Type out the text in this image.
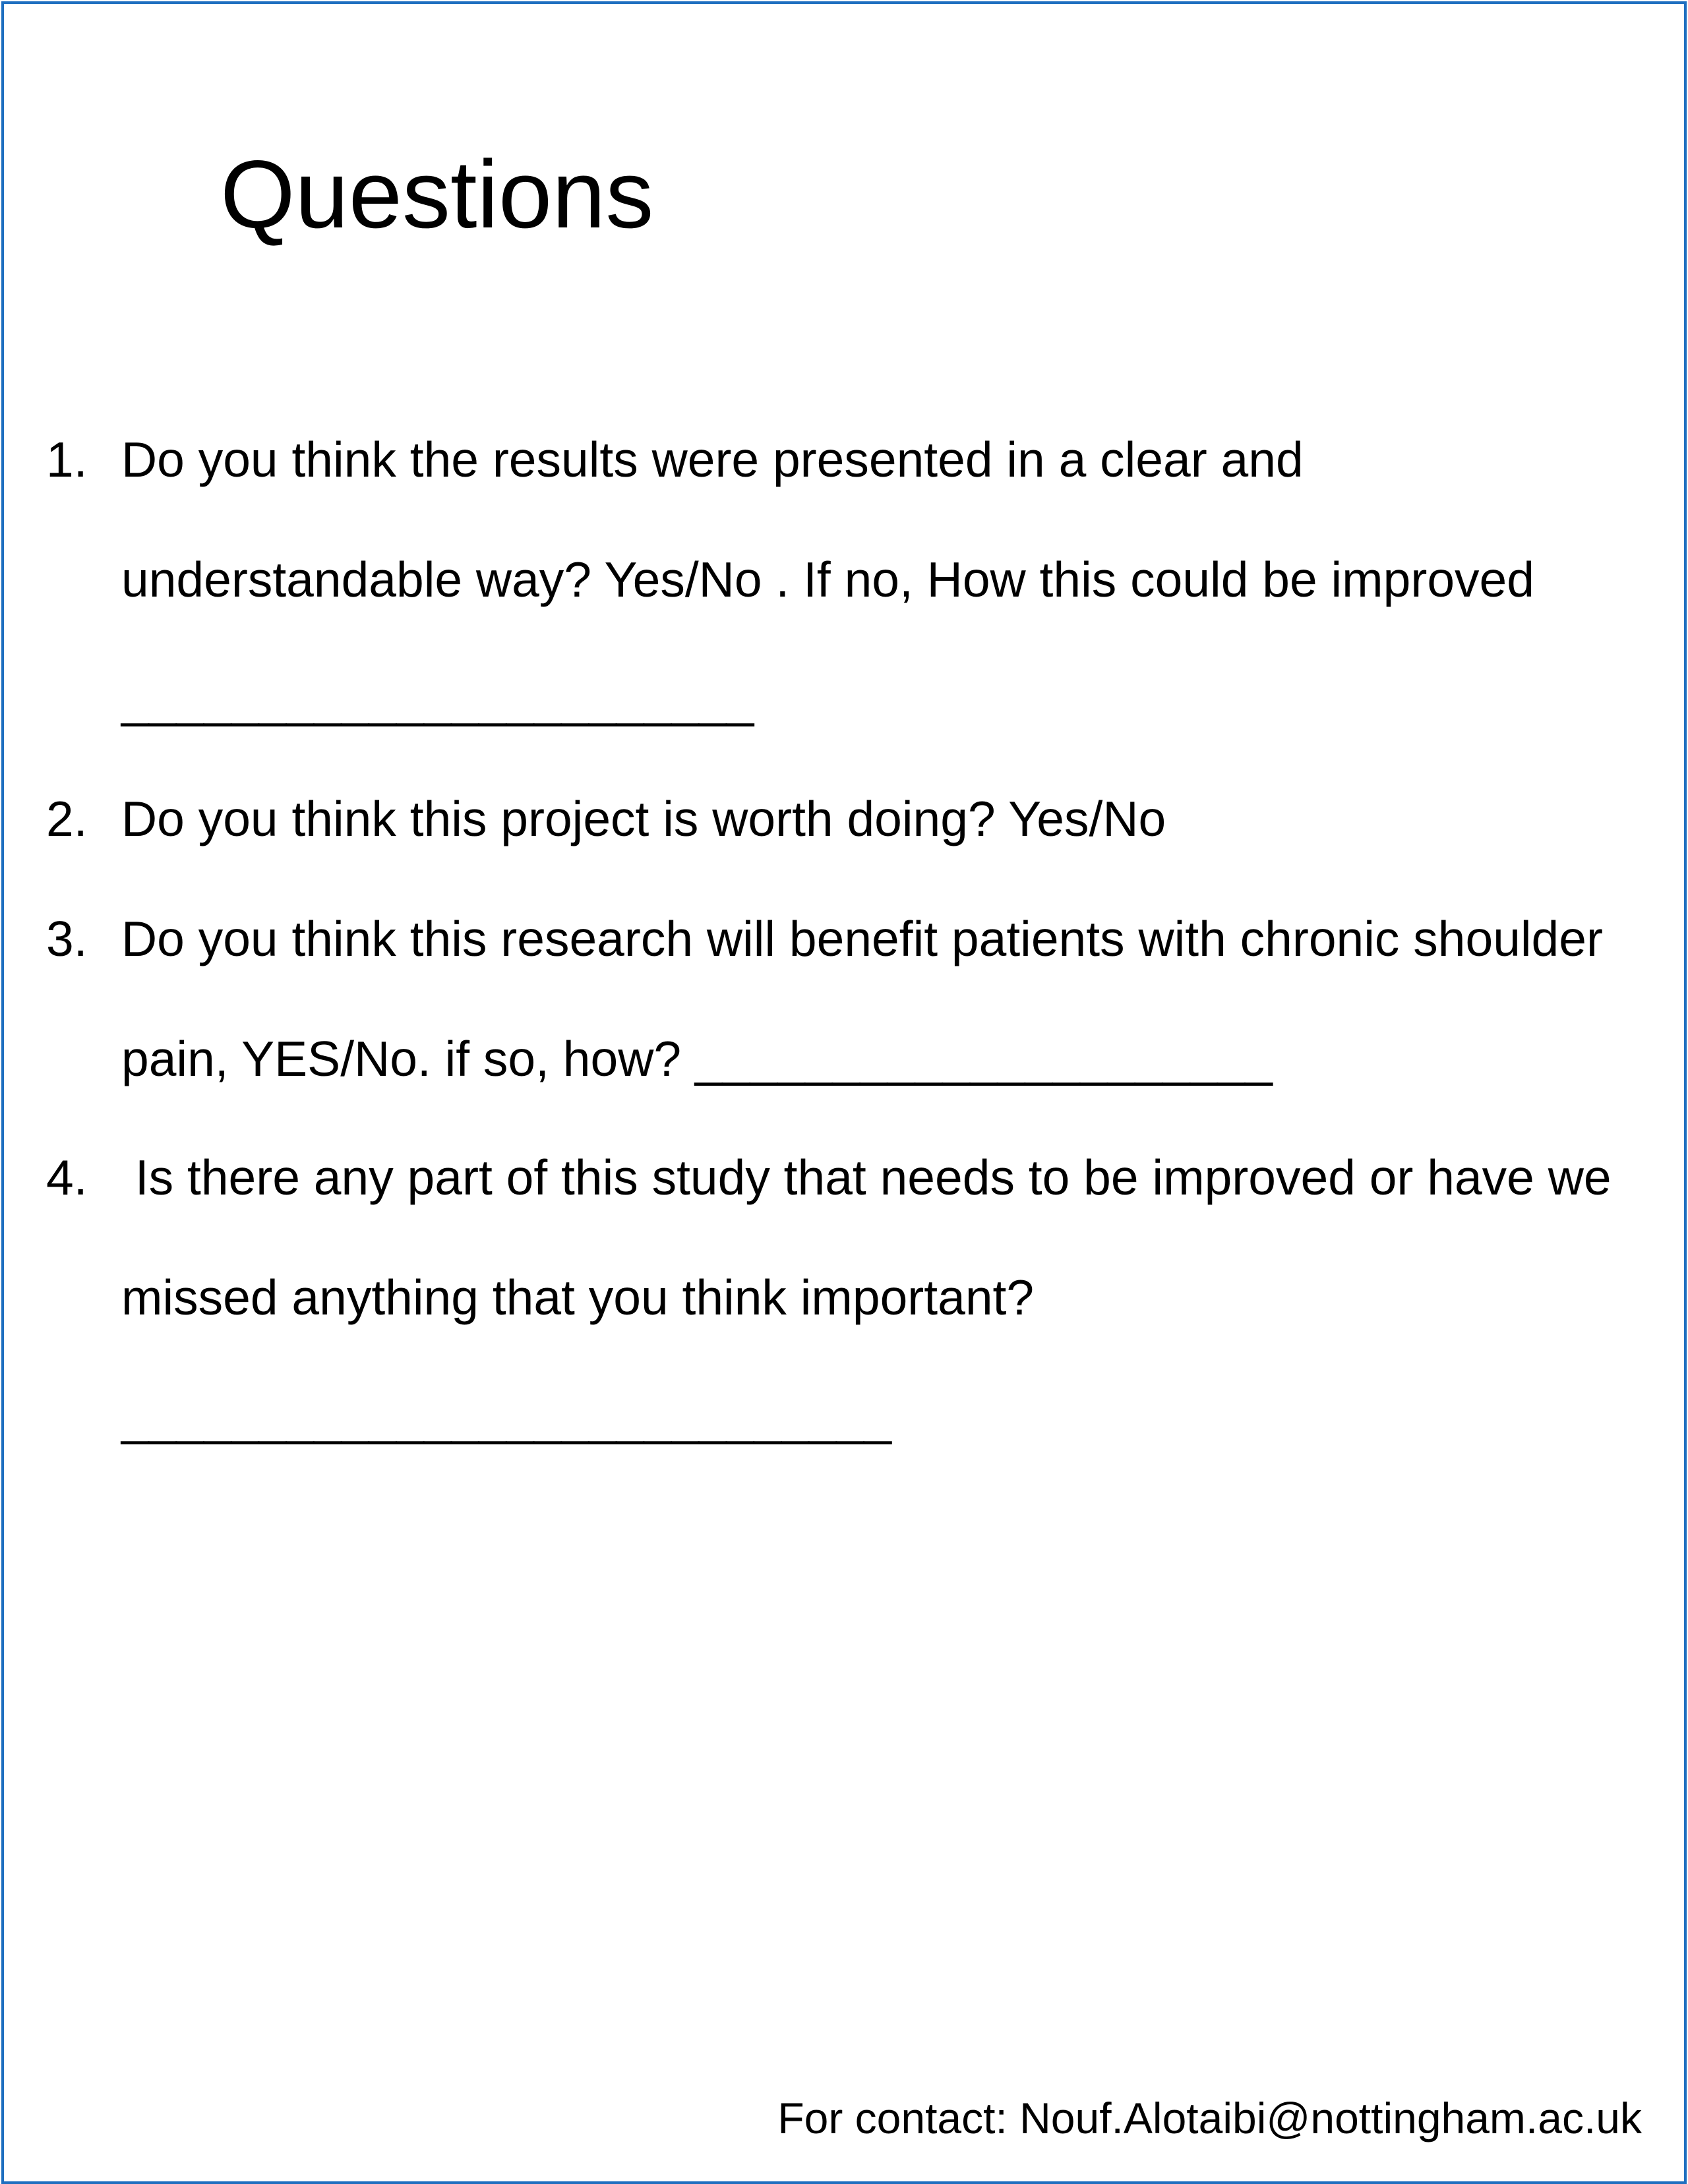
Questions
1. Do you think the results were presented in a clear and
understandable way? Yes/No . If no, How this could be improved
_______________________
2. Do you think this project is worth doing? Yes/No
3. Do you think this research will benefit patients with chronic shoulder
pain, YES/No. if so, how? _____________________
4. Is there any part of this study that needs to be improved or have we
missed anything that you think important?
____________________________
For contact: Nouf.Alotaibi@nottingham.ac.uk
